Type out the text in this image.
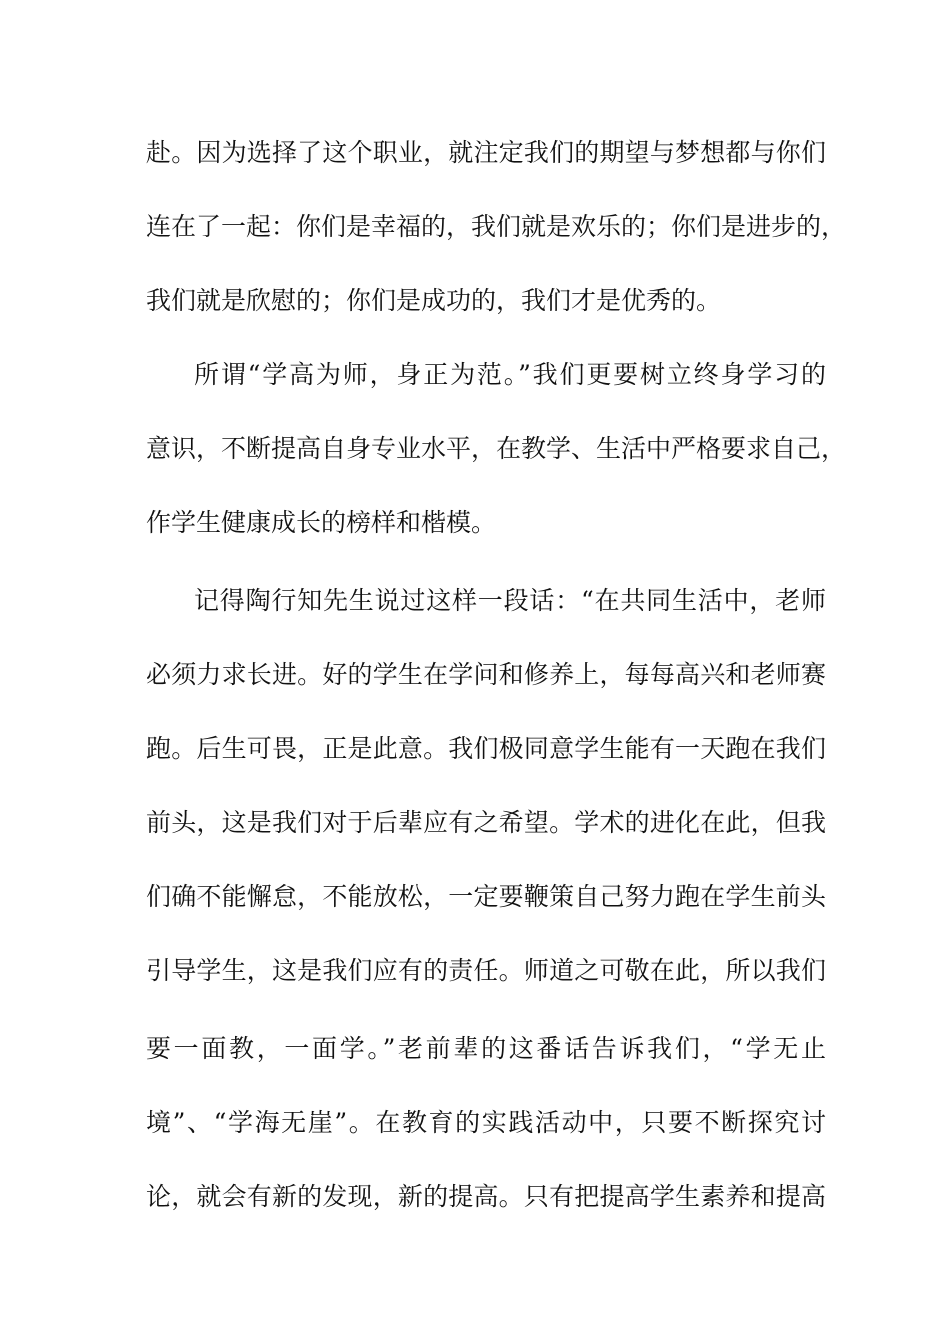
赴。因为选择了这个职业，就注定我们的期望与梦想都与你们
连在了一起：你们是幸福的，我们就是欢乐的；你们是进步的，
我们就是欣慰的；你们是成功的，我们才是优秀的。
所谓“学高为师，身正为范。”我们更要树立终身学习的
意识，不断提高自身专业水平，在教学、生活中严格要求自己，
作学生健康成长的榜样和楷模。
记得陶行知先生说过这样一段话：“在共同生活中，老师
必须力求长进。好的学生在学问和修养上，每每高兴和老师赛
跑。后生可畏，正是此意。我们极同意学生能有一天跑在我们
前头，这是我们对于后辈应有之希望。学术的进化在此，但我
们确不能懈怠，不能放松，一定要鞭策自己努力跑在学生前头
引导学生，这是我们应有的责任。师道之可敬在此，所以我们
要一面教，一面学。”老前辈的这番话告诉我们，“学无止
境”、“学海无崖”。在教育的实践活动中，只要不断探究讨
论，就会有新的发现，新的提高。只有把提高学生素养和提高
